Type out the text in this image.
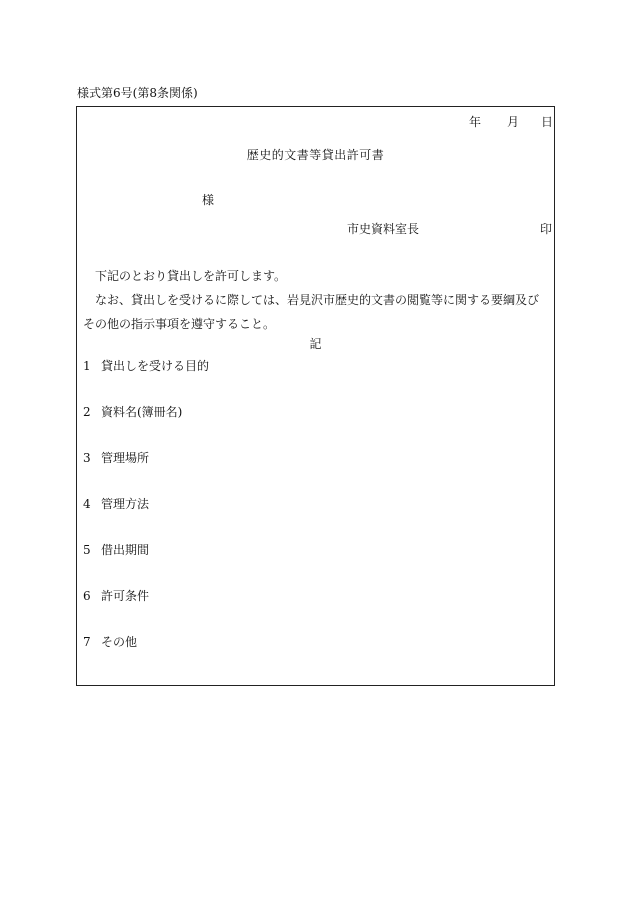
様式第6号(第8条関係)
年 月 日
歴史的文書等貸出許可書
様
市史資料室長	印

下記のとおり貸出しを許可します。

なお、貸出しを受けるに際しては、岩見沢市歴史的文書の閲覧等に関する要綱及びその他の指示事項を遵守すること。

記
1 貸出しを受ける目的
2 資料名(簿冊名)
3 管理場所
4 管理方法
5 借出期間
6 許可条件
7 その他
